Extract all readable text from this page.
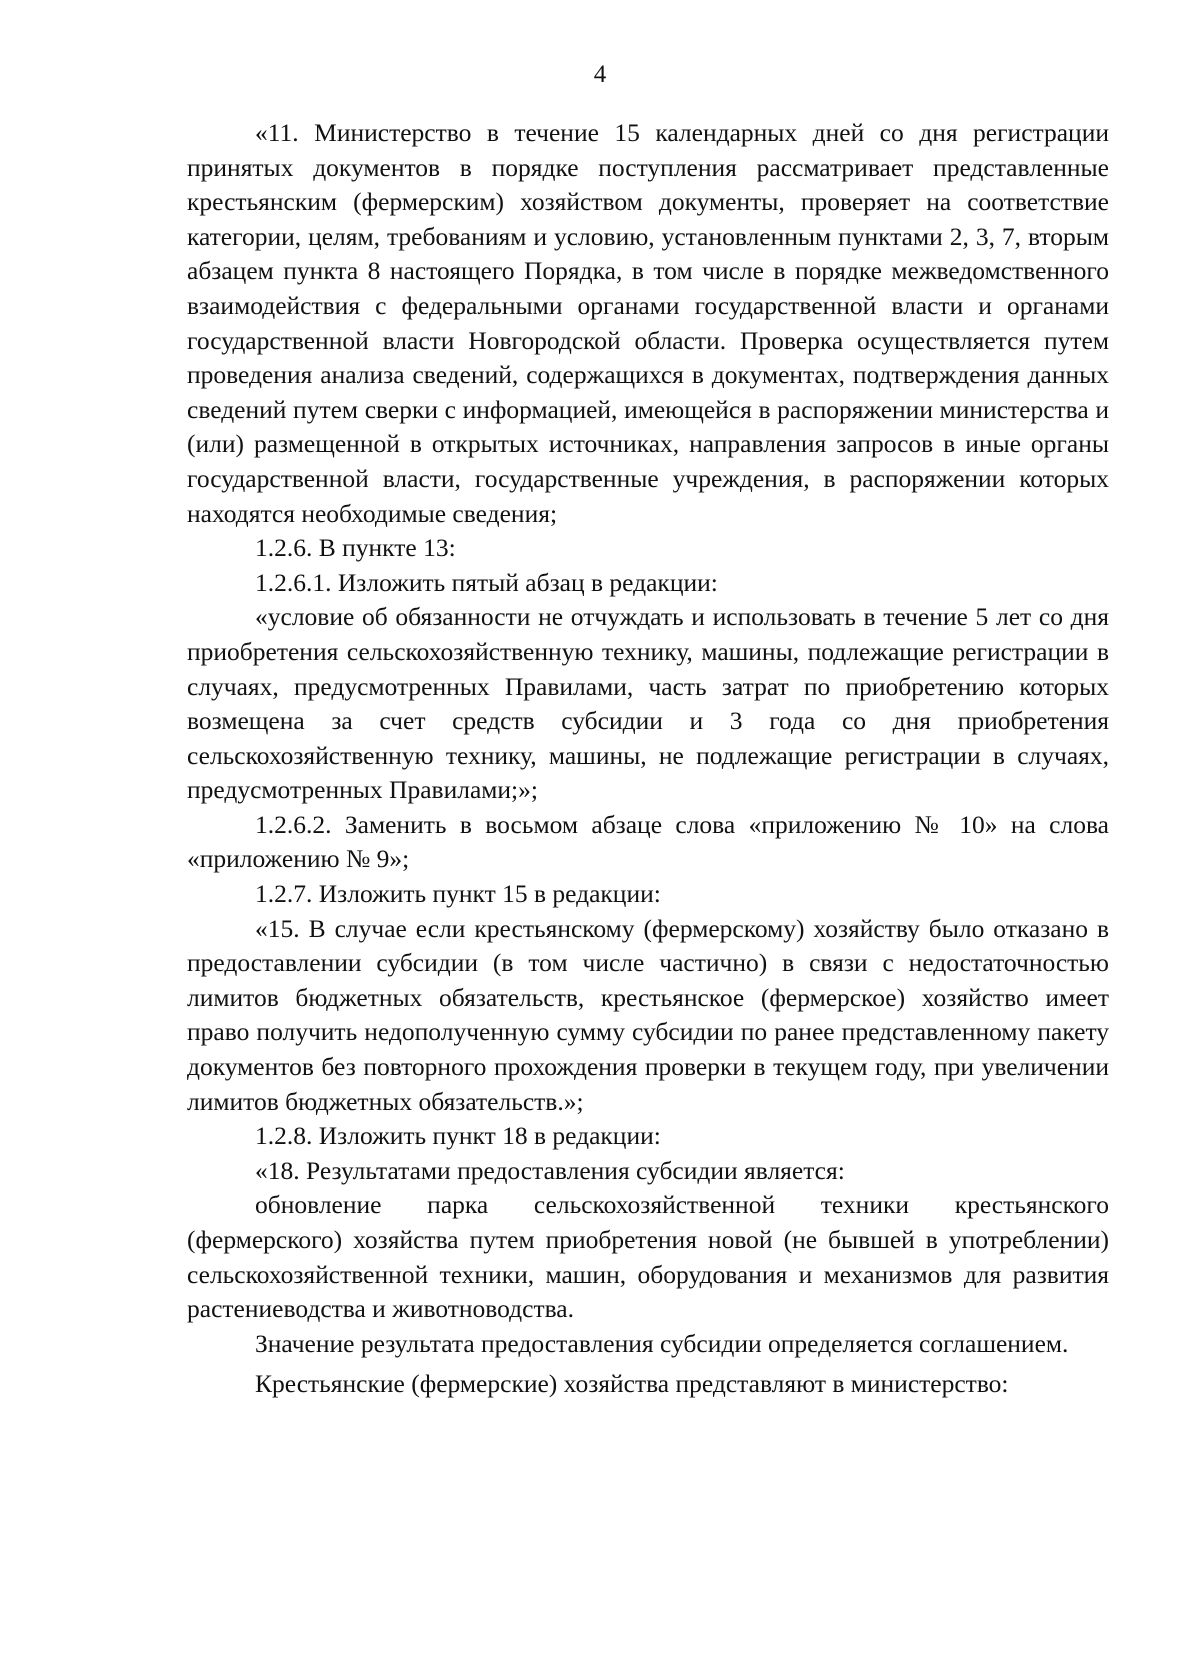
4

«11. Министерство в течение 15 календарных дней со дня регистрации принятых документов в порядке поступления рассматривает представленные крестьянским (фермерским) хозяйством документы, проверяет на соответствие категории, целям, требованиям и условию, установленным пунктами 2, 3, 7, вторым абзацем пункта 8 настоящего Порядка, в том числе в порядке межведомственного взаимодействия с федеральными органами государственной власти и органами государственной власти Новгородской области. Проверка осуществляется путем проведения анализа сведений, содержащихся в документах, подтверждения данных сведений путем сверки с информацией, имеющейся в распоряжении министерства и (или) размещенной в открытых источниках, направления запросов в иные органы государственной власти, государственные учреждения, в распоряжении которых находятся необходимые сведения;

1.2.6. В пункте 13:

1.2.6.1. Изложить пятый абзац в редакции:

«условие об обязанности не отчуждать и использовать в течение 5 лет со дня приобретения сельскохозяйственную технику, машины, подлежащие регистрации в случаях, предусмотренных Правилами, часть затрат по приобретению которых возмещена за счет средств субсидии и 3 года со дня приобретения сельскохозяйственную технику, машины, не подлежащие регистрации в случаях, предусмотренных Правилами;»;

1.2.6.2. Заменить в восьмом абзаце слова «приложению № 10» на слова «приложению № 9»;

1.2.7. Изложить пункт 15 в редакции:

«15. В случае если крестьянскому (фермерскому) хозяйству было отказано в предоставлении субсидии (в том числе частично) в связи с недостаточностью лимитов бюджетных обязательств, крестьянское (фермерское) хозяйство имеет право получить недополученную сумму субсидии по ранее представленному пакету документов без повторного прохождения проверки в текущем году, при увеличении лимитов бюджетных обязательств.»;

1.2.8. Изложить пункт 18 в редакции:

«18. Результатами предоставления субсидии является:

обновление парка сельскохозяйственной техники крестьянского (фермерского) хозяйства путем приобретения новой (не бывшей в употреблении) сельскохозяйственной техники, машин, оборудования и механизмов для развития растениеводства и животноводства.

Значение результата предоставления субсидии определяется соглашением.

Крестьянские (фермерские) хозяйства представляют в министерство:
